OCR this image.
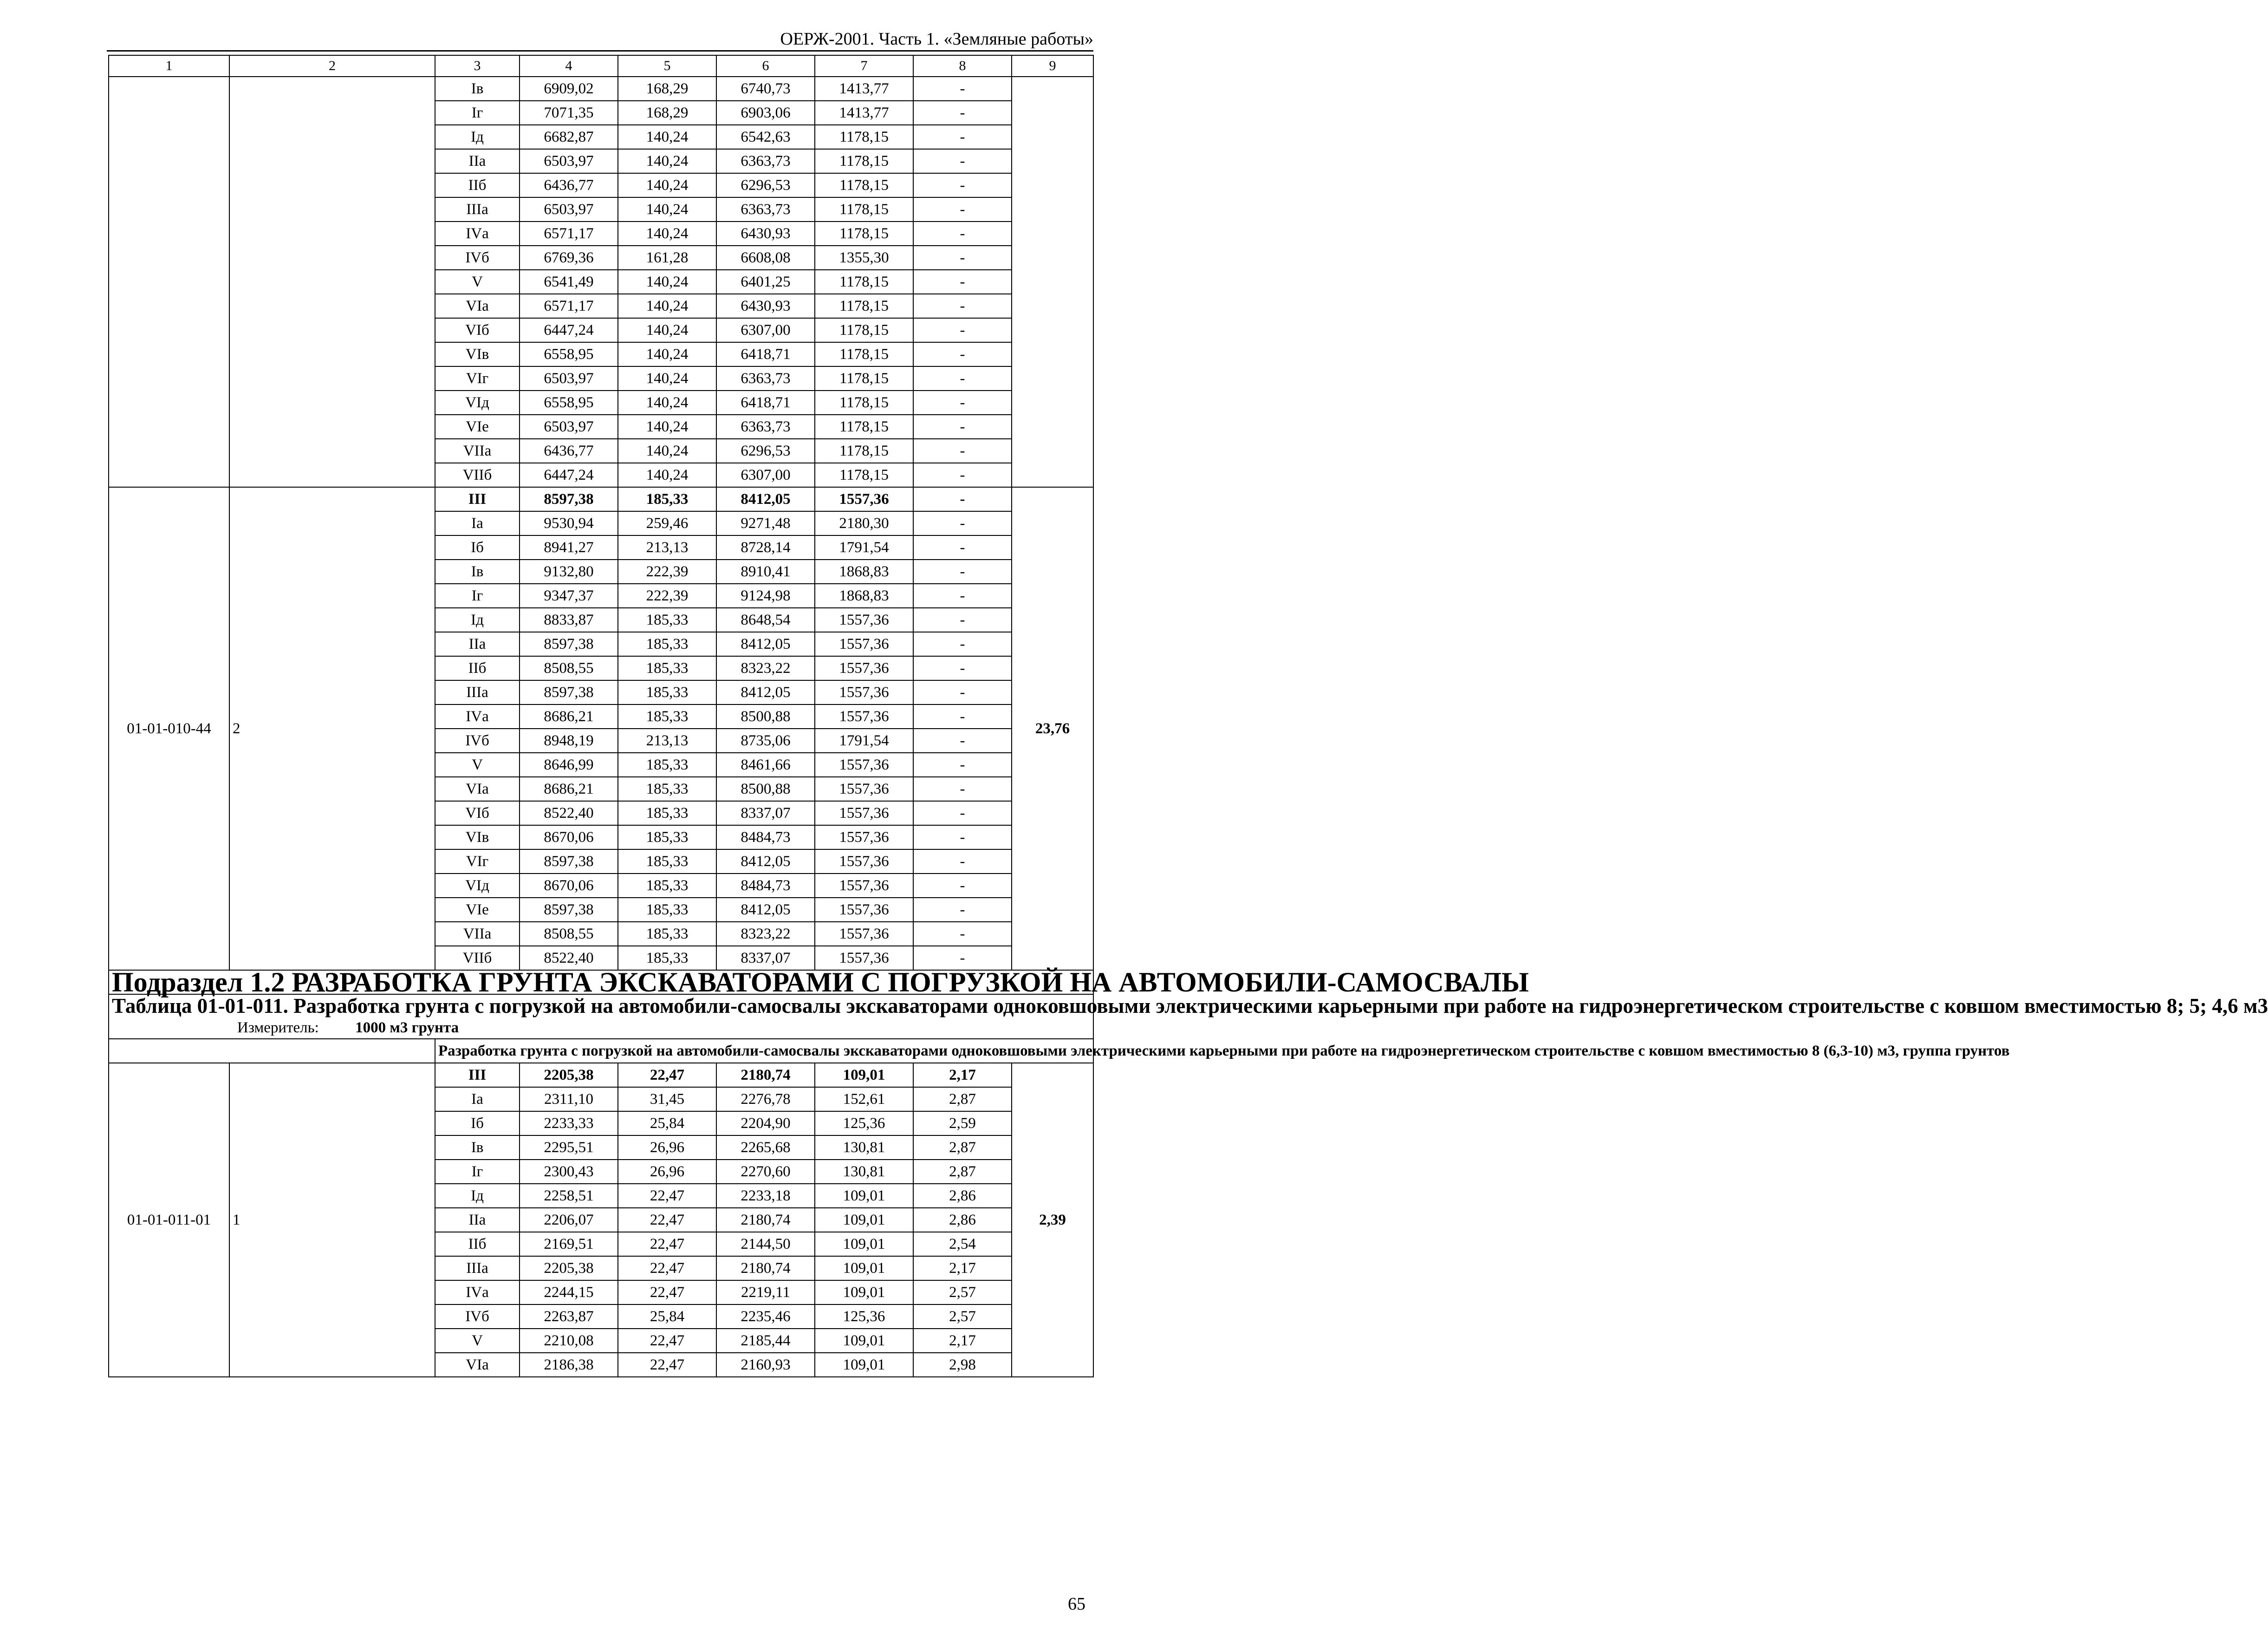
ОЕРЖ-2001. Часть 1. «Земляные работы»
1	2	3	4	5	6	7	8	9
		Iв	6909,02	168,29	6740,73	1413,77	-	
		Iг	7071,35	168,29	6903,06	1413,77	-	
		Iд	6682,87	140,24	6542,63	1178,15	-	
		IIа	6503,97	140,24	6363,73	1178,15	-	
		IIб	6436,77	140,24	6296,53	1178,15	-	
		IIIа	6503,97	140,24	6363,73	1178,15	-	
		IVа	6571,17	140,24	6430,93	1178,15	-	
		IVб	6769,36	161,28	6608,08	1355,30	-	
		V	6541,49	140,24	6401,25	1178,15	-	
		VIа	6571,17	140,24	6430,93	1178,15	-	
		VIб	6447,24	140,24	6307,00	1178,15	-	
		VIв	6558,95	140,24	6418,71	1178,15	-	
		VIг	6503,97	140,24	6363,73	1178,15	-	
		VIд	6558,95	140,24	6418,71	1178,15	-	
		VIе	6503,97	140,24	6363,73	1178,15	-	
		VIIа	6436,77	140,24	6296,53	1178,15	-	
		VIIб	6447,24	140,24	6307,00	1178,15	-	
01-01-010-44	2	III	8597,38	185,33	8412,05	1557,36	-	23,76
		Iа	9530,94	259,46	9271,48	2180,30	-	
		Iб	8941,27	213,13	8728,14	1791,54	-	
		Iв	9132,80	222,39	8910,41	1868,83	-	
		Iг	9347,37	222,39	9124,98	1868,83	-	
		Iд	8833,87	185,33	8648,54	1557,36	-	
		IIа	8597,38	185,33	8412,05	1557,36	-	
		IIб	8508,55	185,33	8323,22	1557,36	-	
		IIIа	8597,38	185,33	8412,05	1557,36	-	
		IVа	8686,21	185,33	8500,88	1557,36	-	
		IVб	8948,19	213,13	8735,06	1791,54	-	
		V	8646,99	185,33	8461,66	1557,36	-	
		VIа	8686,21	185,33	8500,88	1557,36	-	
		VIб	8522,40	185,33	8337,07	1557,36	-	
		VIв	8670,06	185,33	8484,73	1557,36	-	
		VIг	8597,38	185,33	8412,05	1557,36	-	
		VIд	8670,06	185,33	8484,73	1557,36	-	
		VIе	8597,38	185,33	8412,05	1557,36	-	
		VIIа	8508,55	185,33	8323,22	1557,36	-	
		VIIб	8522,40	185,33	8337,07	1557,36	-	
Подраздел 1.2 РАЗРАБОТКА ГРУНТА ЭКСКАВАТОРАМИ С ПОГРУЗКОЙ НА АВТОМОБИЛИ-САМОСВАЛЫ								

Таблица 01-01-011. Разработка грунта с погрузкой на автомобили-самосвалы экскаваторами одноковшовыми электрическими карьерными при работе на гидроэнергетическом строительстве с ковшом вместимостью 8; 5; 4,6 м3
Измеритель: 1000 м3 грунта								

		Разработка грунта с погрузкой на автомобили-самосвалы экскаваторами одноковшовыми электрическими карьерными при работе на гидроэнергетическом строительстве с ковшом вместимостью 8 (6,3-10) м3, группа грунтов						
01-01-011-01	1	III	2205,38	22,47	2180,74	109,01	2,17	2,39
		Iа	2311,10	31,45	2276,78	152,61	2,87	
		Iб	2233,33	25,84	2204,90	125,36	2,59	
		Iв	2295,51	26,96	2265,68	130,81	2,87	
		Iг	2300,43	26,96	2270,60	130,81	2,87	
		Iд	2258,51	22,47	2233,18	109,01	2,86	
		IIа	2206,07	22,47	2180,74	109,01	2,86	
		IIб	2169,51	22,47	2144,50	109,01	2,54	
		IIIа	2205,38	22,47	2180,74	109,01	2,17	
		IVа	2244,15	22,47	2219,11	109,01	2,57	
		IVб	2263,87	25,84	2235,46	125,36	2,57	
		V	2210,08	22,47	2185,44	109,01	2,17	
		VIа	2186,38	22,47	2160,93	109,01	2,98	
65
